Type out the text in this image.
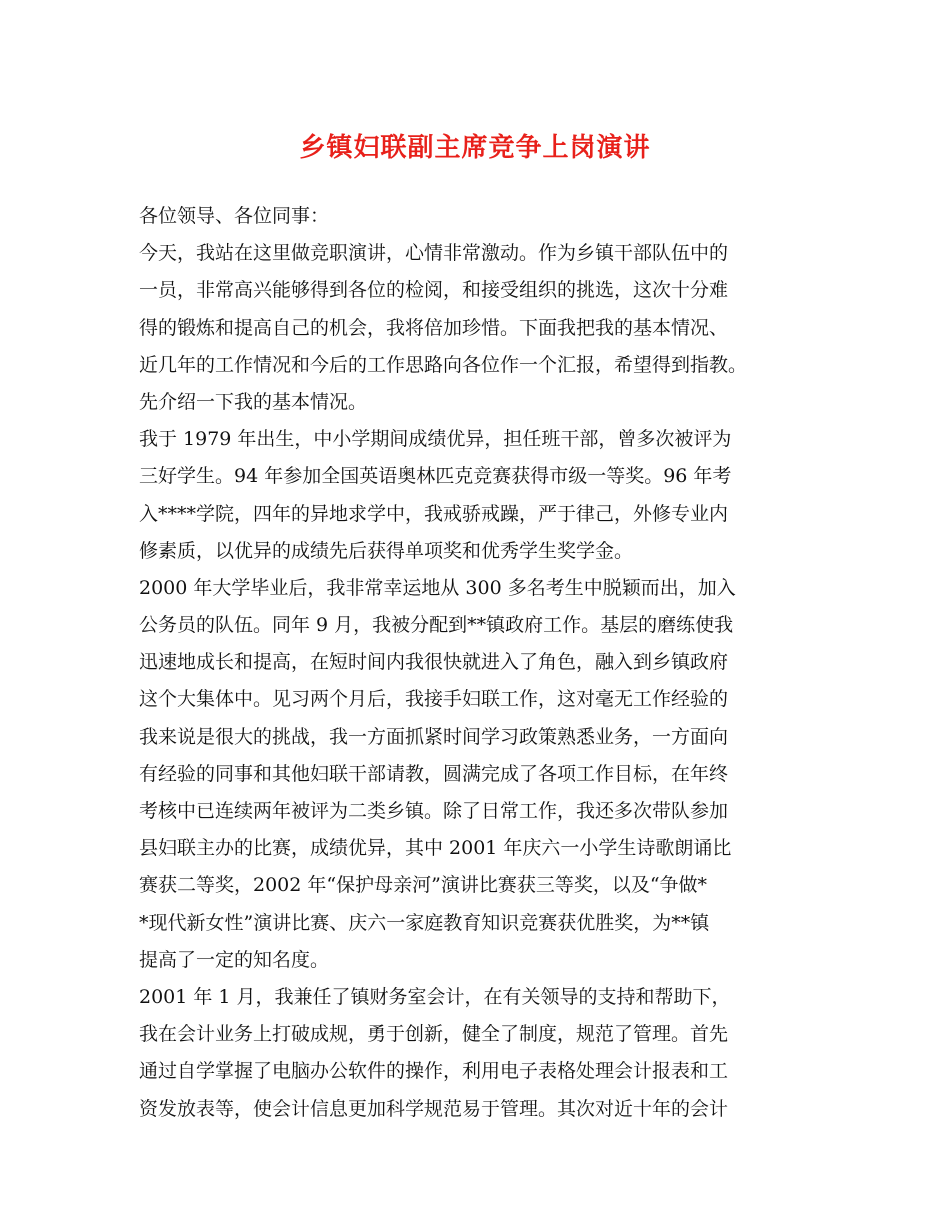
乡镇妇联副主席竞争上岗演讲
各位领导、各位同事：
今天，我站在这里做竞职演讲，心情非常激动。作为乡镇干部队伍中的
一员，非常高兴能够得到各位的检阅，和接受组织的挑选，这次十分难
得的锻炼和提高自己的机会，我将倍加珍惜。下面我把我的基本情况、
近几年的工作情况和今后的工作思路向各位作一个汇报，希望得到指教。
先介绍一下我的基本情况。
我于 1979 年出生，中小学期间成绩优异，担任班干部，曾多次被评为
三好学生。94 年参加全国英语奥林匹克竞赛获得市级一等奖。96 年考
入****学院，四年的异地求学中，我戒骄戒躁，严于律己，外修专业内
修素质，以优异的成绩先后获得单项奖和优秀学生奖学金。
2000 年大学毕业后，我非常幸运地从 300 多名考生中脱颖而出，加入
公务员的队伍。同年 9 月，我被分配到**镇政府工作。基层的磨练使我
迅速地成长和提高，在短时间内我很快就进入了角色，融入到乡镇政府
这个大集体中。见习两个月后，我接手妇联工作，这对毫无工作经验的
我来说是很大的挑战，我一方面抓紧时间学习政策熟悉业务，一方面向
有经验的同事和其他妇联干部请教，圆满完成了各项工作目标，在年终
考核中已连续两年被评为二类乡镇。除了日常工作，我还多次带队参加
县妇联主办的比赛，成绩优异，其中 2001 年庆六一小学生诗歌朗诵比
赛获二等奖，2002 年“保护母亲河”演讲比赛获三等奖，以及“争做*
*现代新女性”演讲比赛、庆六一家庭教育知识竞赛获优胜奖，为**镇
提高了一定的知名度。
2001 年 1 月，我兼任了镇财务室会计，在有关领导的支持和帮助下，
我在会计业务上打破成规，勇于创新，健全了制度，规范了管理。首先
通过自学掌握了电脑办公软件的操作，利用电子表格处理会计报表和工
资发放表等，使会计信息更加科学规范易于管理。其次对近十年的会计
